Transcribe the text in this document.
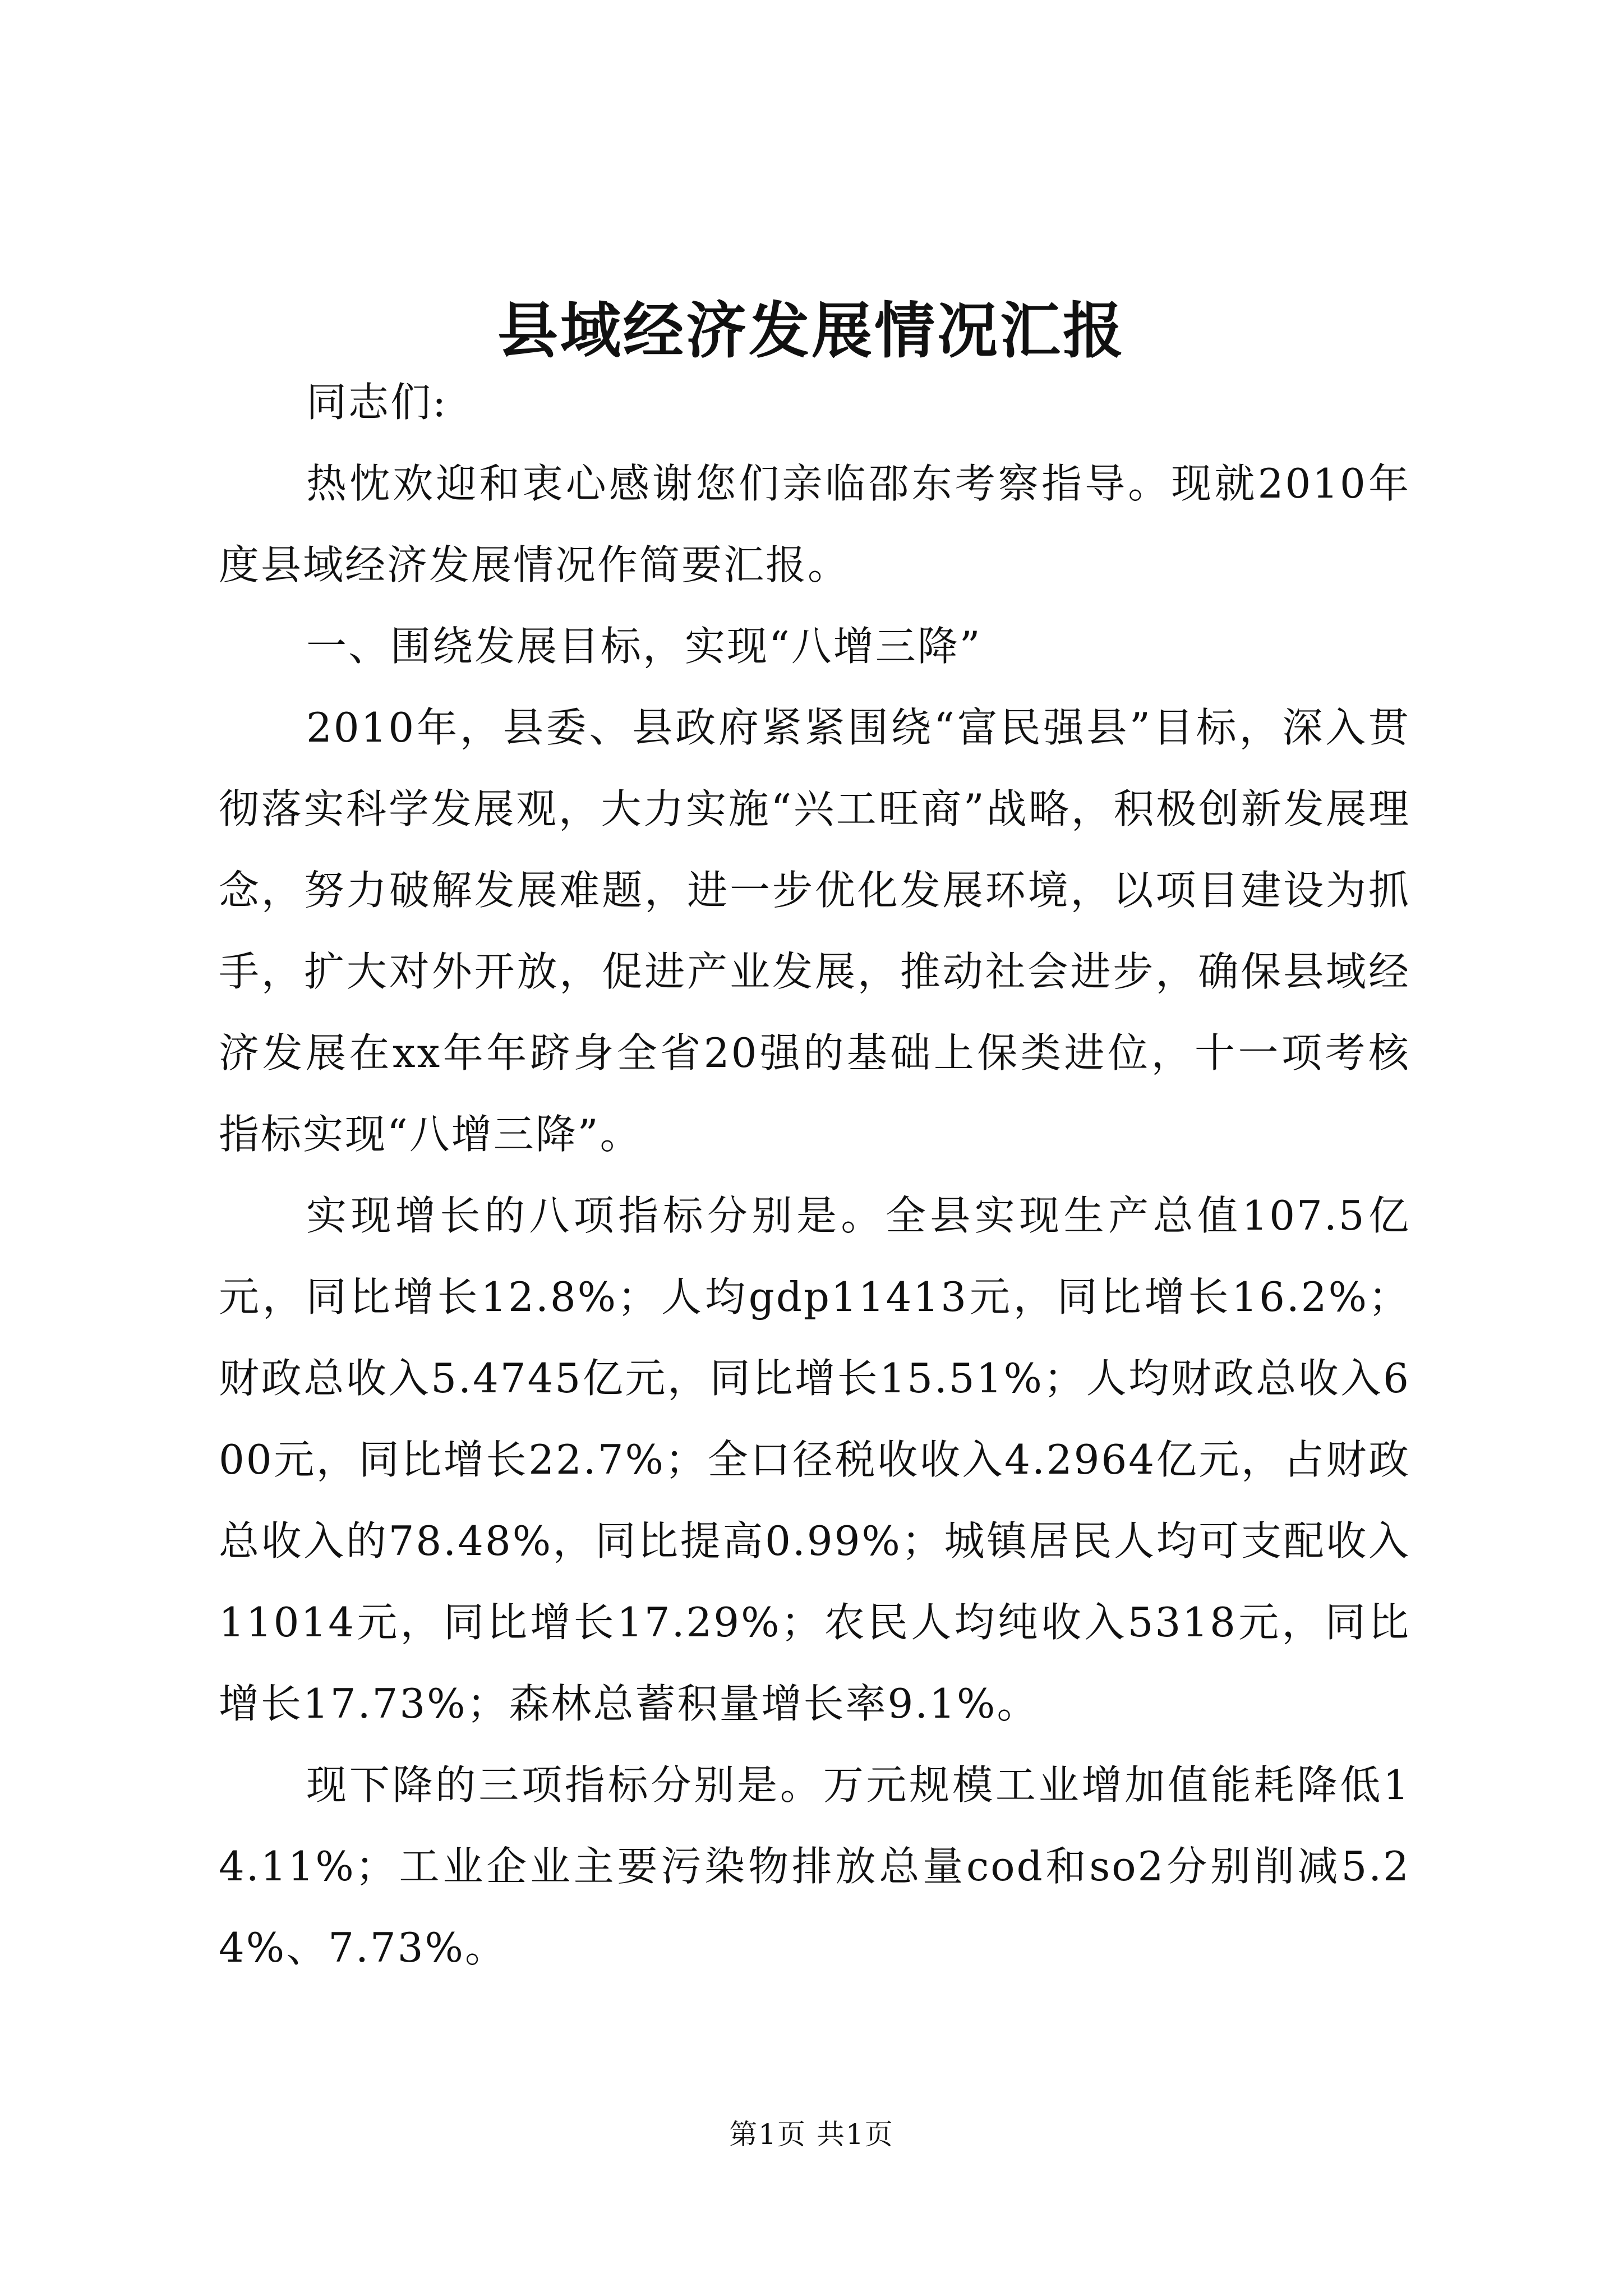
县域经济发展情况汇报

同志们:

热忱欢迎和衷心感谢您们亲临邵东考察指导。现就2010年度县域经济发展情况作简要汇报。

一、围绕发展目标，实现“八增三降”

2010年，县委、县政府紧紧围绕“富民强县”目标，深入贯彻落实科学发展观，大力实施“兴工旺商”战略，积极创新发展理念，努力破解发展难题，进一步优化发展环境，以项目建设为抓手，扩大对外开放，促进产业发展，推动社会进步，确保县域经济发展在xx年年跻身全省20强的基础上保类进位，十一项考核指标实现“八增三降”。

实现增长的八项指标分别是。全县实现生产总值107.5亿元，同比增长12.8%；人均gdp11413元，同比增长16.2%；财政总收入5.4745亿元，同比增长15.51%；人均财政总收入600元，同比增长22.7%；全口径税收收入4.2964亿元，占财政总收入的78.48%，同比提高0.99%；城镇居民人均可支配收入11014元，同比增长17.29%；农民人均纯收入5318元，同比增长17.73%；森林总蓄积量增长率9.1%。

现下降的三项指标分别是。万元规模工业增加值能耗降低14.11%；工业企业主要污染物排放总量cod和so2分别削减5.24%、7.73%。

第1页 共1页
